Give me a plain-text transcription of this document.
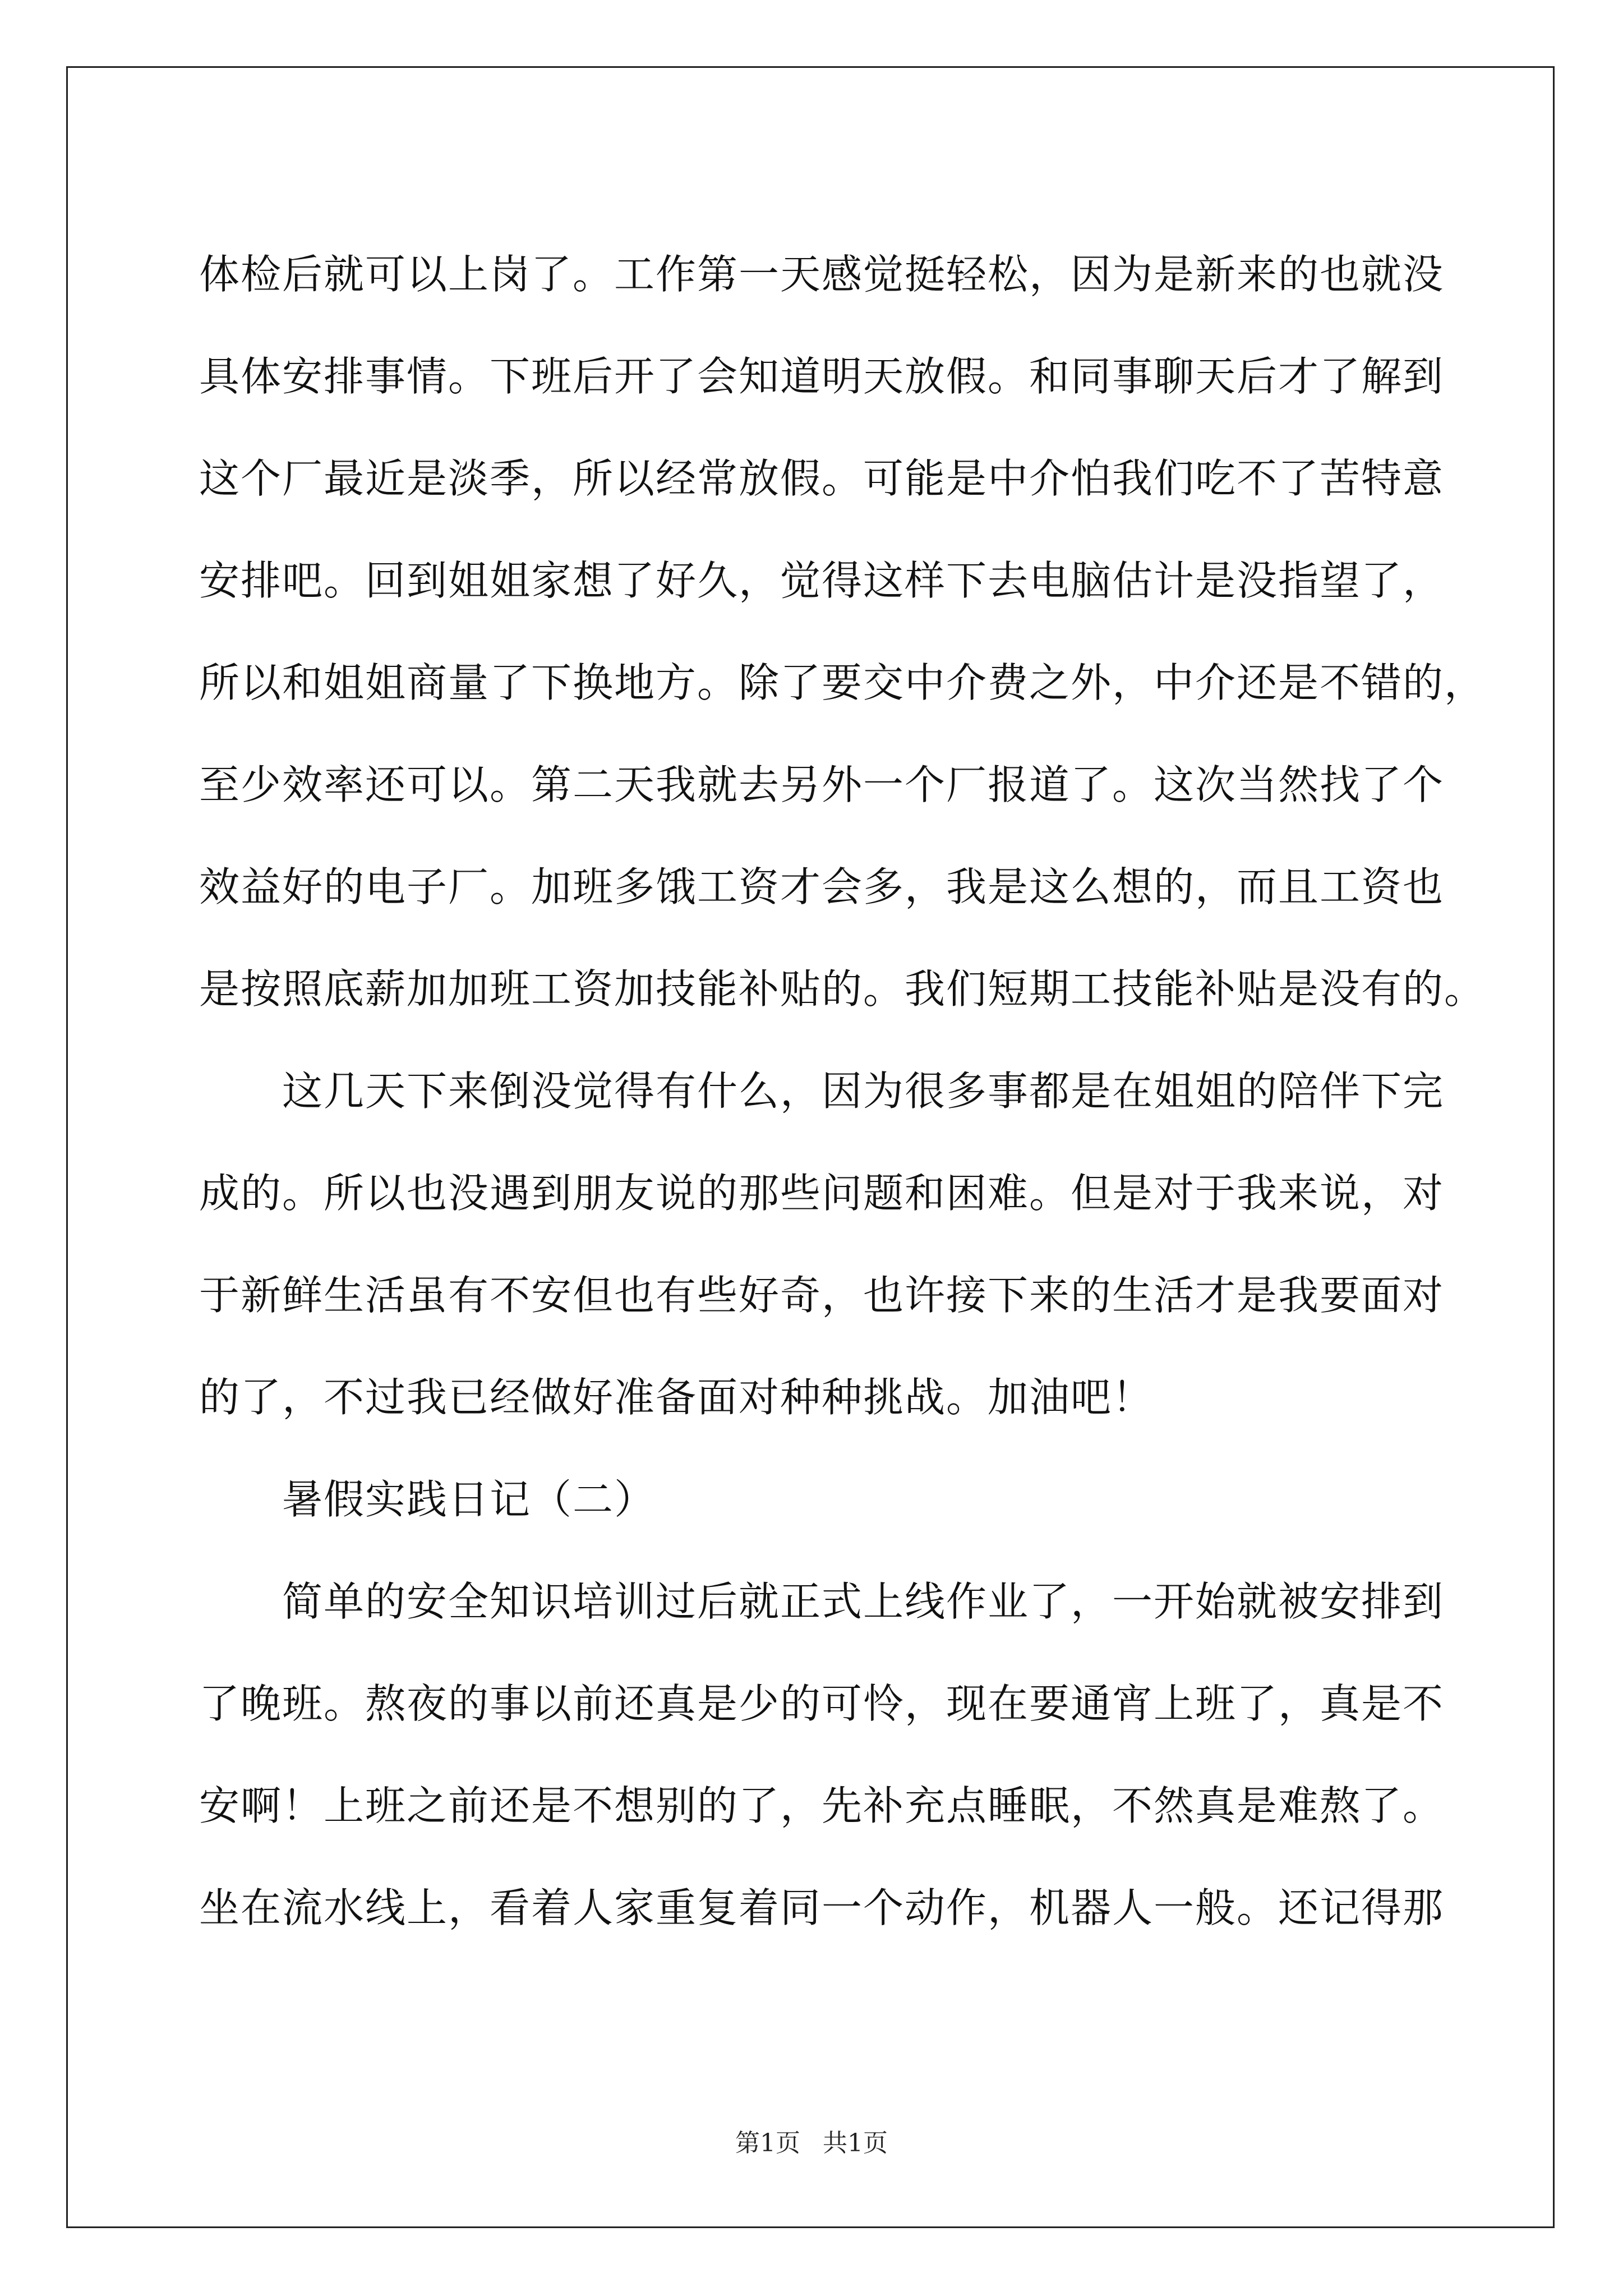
体检后就可以上岗了。工作第一天感觉挺轻松，因为是新来的也就没
具体安排事情。下班后开了会知道明天放假。和同事聊天后才了解到
这个厂最近是淡季，所以经常放假。可能是中介怕我们吃不了苦特意
安排吧。回到姐姐家想了好久，觉得这样下去电脑估计是没指望了，
所以和姐姐商量了下换地方。除了要交中介费之外，中介还是不错的，
至少效率还可以。第二天我就去另外一个厂报道了。这次当然找了个
效益好的电子厂。加班多饿工资才会多，我是这么想的，而且工资也
是按照底薪加加班工资加技能补贴的。我们短期工技能补贴是没有的。
这几天下来倒没觉得有什么，因为很多事都是在姐姐的陪伴下完
成的。所以也没遇到朋友说的那些问题和困难。但是对于我来说，对
于新鲜生活虽有不安但也有些好奇，也许接下来的生活才是我要面对
的了，不过我已经做好准备面对种种挑战。加油吧！
暑假实践日记（二）
简单的安全知识培训过后就正式上线作业了，一开始就被安排到
了晚班。熬夜的事以前还真是少的可怜，现在要通宵上班了，真是不
安啊！上班之前还是不想别的了，先补充点睡眠，不然真是难熬了。
坐在流水线上，看着人家重复着同一个动作，机器人一般。还记得那
第1页 共1页
